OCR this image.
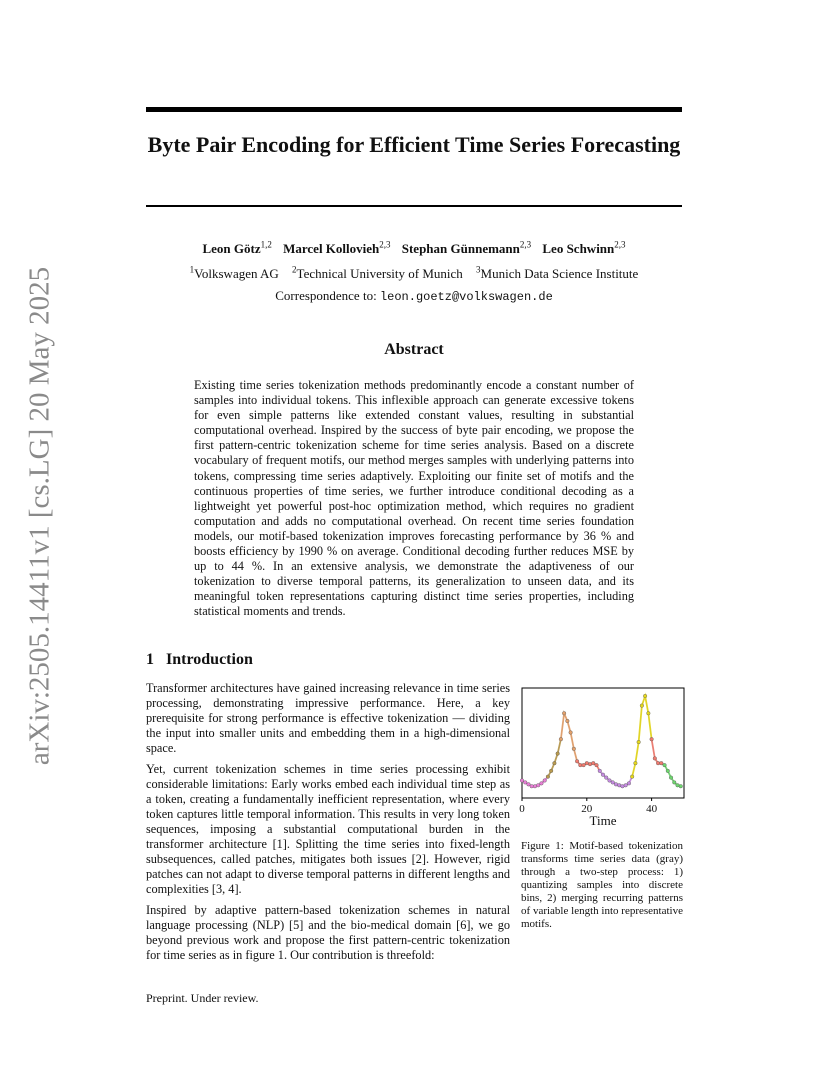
arXiv:2505.14411v1 [cs.LG] 20 May 2025
Byte Pair Encoding for Efficient Time Series Forecasting
Leon Götz$^{1,2}$ Marcel Kollovieh$^{2,3}$ Stephan Günnemann$^{2,3}$ Leo Schwinn$^{2,3}$
$^1$Volkswagen AG $^2$Technical University of Munich $^3$Munich Data Science Institute
Correspondence to: leon.goetz@volkswagen.de
Abstract
Existing time series tokenization methods predominantly encode a constant number of samples into individual tokens. This inflexible approach can generate excessive tokens for even simple patterns like extended constant values, resulting in substantial computational overhead. Inspired by the success of byte pair encoding, we propose the first pattern-centric tokenization scheme for time series analysis. Based on a discrete vocabulary of frequent motifs, our method merges samples with underlying patterns into tokens, compressing time series adaptively. Exploiting our finite set of motifs and the continuous properties of time series, we further introduce conditional decoding as a lightweight yet powerful post-hoc optimization method, which requires no gradient computation and adds no computational overhead. On recent time series foundation models, our motif-based tokenization improves forecasting performance by 36 % and boosts efficiency by 1990 % on average. Conditional decoding further reduces MSE by up to 44 %. In an extensive analysis, we demonstrate the adaptiveness of our tokenization to diverse temporal patterns, its generalization to unseen data, and its meaningful token representations capturing distinct time series properties, including statistical moments and trends.
1 Introduction

Transformer architectures have gained increasing relevance in time series processing, demonstrating impressive performance. Here, a key prerequisite for strong performance is effective tokenization — dividing the input into smaller units and embedding them in a high-dimensional space.

Yet, current tokenization schemes in time series processing exhibit considerable limitations: Early works embed each individual time step as a token, creating a fundamentally inefficient representation, where every token captures little temporal information. This results in very long token sequences, imposing a substantial computational burden in the transformer architecture [1]. Splitting the time series into fixed-length subsequences, called patches, mitigates both issues [2]. However, rigid patches can not adapt to diverse temporal patterns in different lengths and complexities [3, 4].

Inspired by adaptive pattern-based tokenization schemes in natural language processing (NLP) [5] and the bio-medical domain [6], we go beyond previous work and propose the first pattern-centric tokenization for time series as in figure 1. Our contribution is threefold:

0	20	40
Time
Figure 1: Motif-based tokenization transforms time series data (gray) through a two-step process: 1) quantizing samples into discrete bins, 2) merging recurring patterns of variable length into representative motifs.
Preprint. Under review.
